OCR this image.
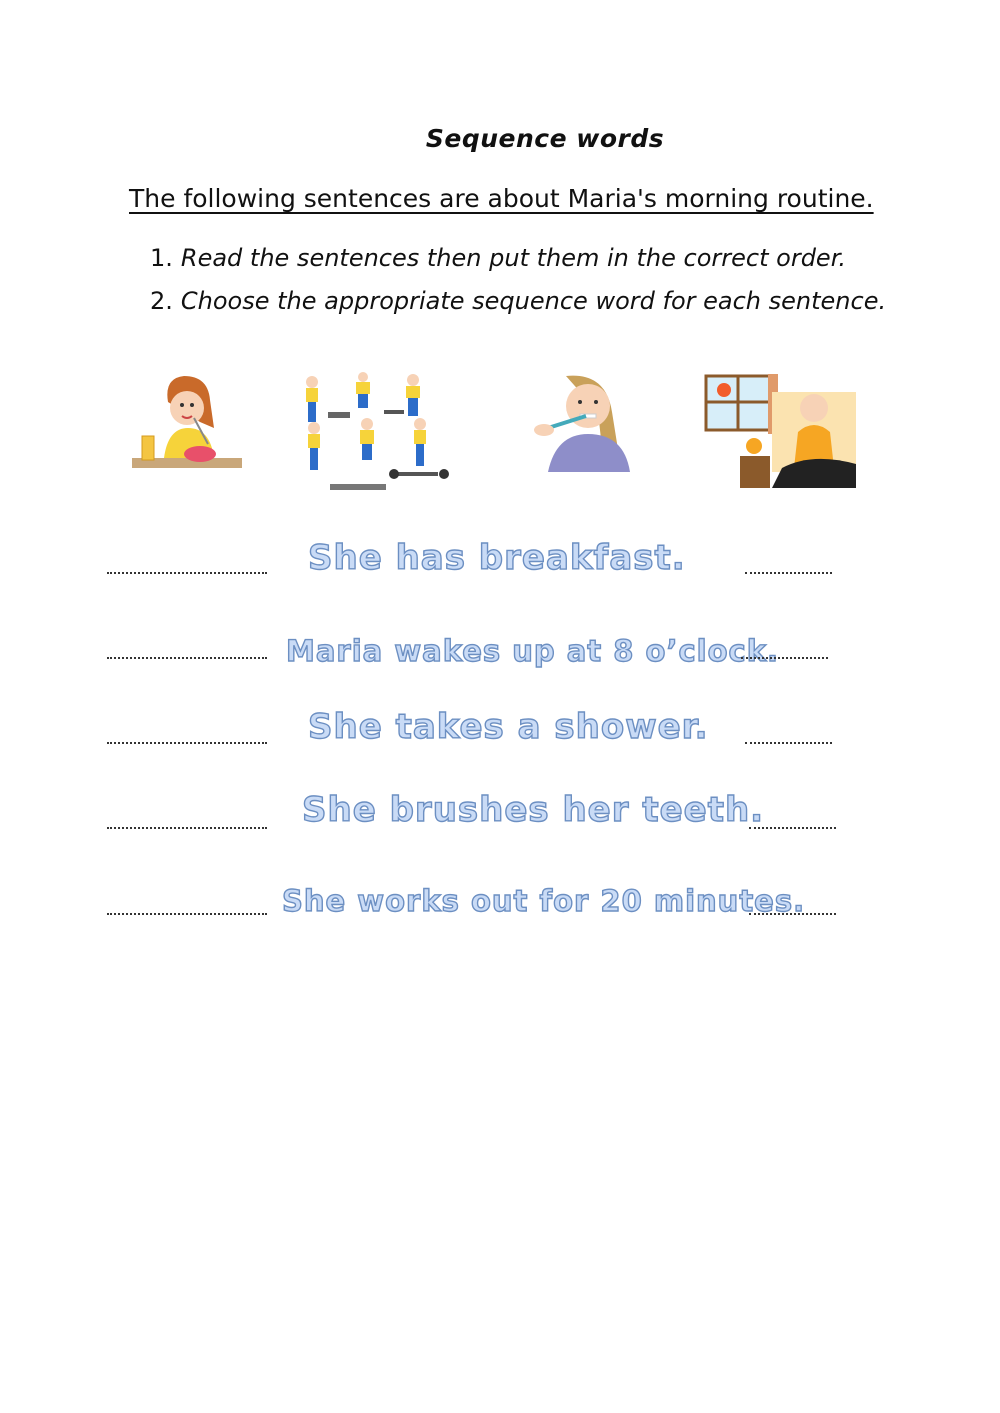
Sequence words
The following sentences are about Maria's morning routine.
1. Read the sentences then put them in the correct order.
2. Choose the appropriate sequence word for each sentence.
She has breakfast.
Maria wakes up at 8 o’clock.
She takes a shower.
She brushes her teeth.
She works out for 20 minutes.
